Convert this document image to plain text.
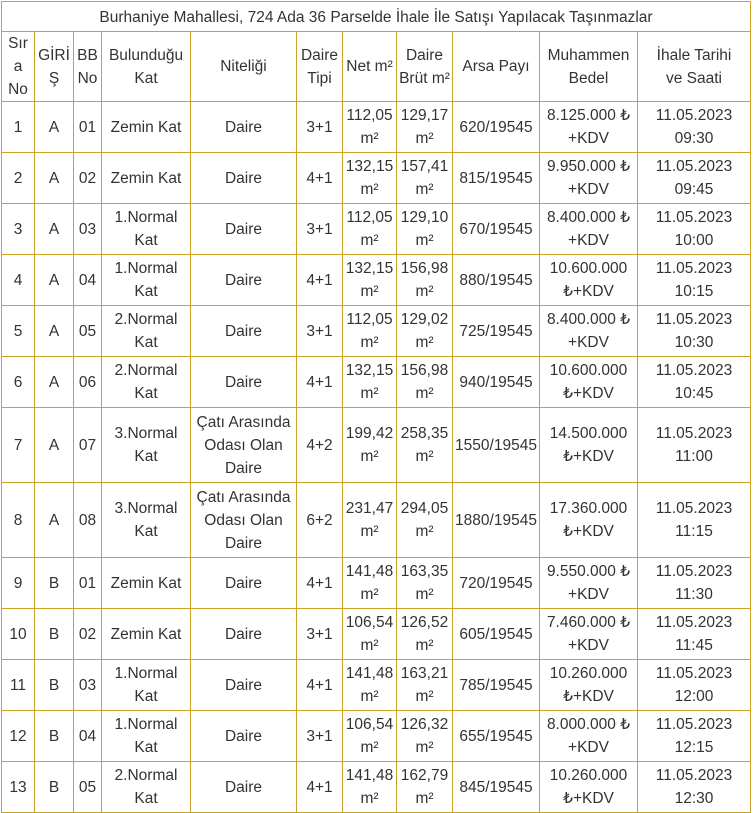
Burhaniye Mahallesi, 724 Ada 36 Parselde İhale İle Satışı Yapılacak Taşınmazlar
Sıra
No	GİRİŞ	BB
No	Bulunduğu
Kat	Niteliği	Daire
Tipi	Net m²	Daire
Brüt m²	Arsa Payı	Muhammen
Bedel	İhale Tarihi
ve Saati
1	A	01	Zemin Kat	Daire	3+1	112,05
m²	129,17
m²	620/19545	8.125.000 ₺
+KDV	11.05.2023
09:30
2	A	02	Zemin Kat	Daire	4+1	132,15
m²	157,41
m²	815/19545	9.950.000 ₺
+KDV	11.05.2023
09:45
3	A	03	1.Normal
Kat	Daire	3+1	112,05
m²	129,10
m²	670/19545	8.400.000 ₺
+KDV	11.05.2023
10:00
4	A	04	1.Normal
Kat	Daire	4+1	132,15
m²	156,98
m²	880/19545	10.600.000
₺+KDV	11.05.2023
10:15
5	A	05	2.Normal
Kat	Daire	3+1	112,05
m²	129,02
m²	725/19545	8.400.000 ₺
+KDV	11.05.2023
10:30
6	A	06	2.Normal
Kat	Daire	4+1	132,15
m²	156,98
m²	940/19545	10.600.000
₺+KDV	11.05.2023
10:45
7	A	07	3.Normal
Kat	Çatı Arasında
Odası Olan
Daire	4+2	199,42
m²	258,35
m²	1550/19545	14.500.000
₺+KDV	11.05.2023
11:00
8	A	08	3.Normal
Kat	Çatı Arasında
Odası Olan
Daire	6+2	231,47
m²	294,05
m²	1880/19545	17.360.000
₺+KDV	11.05.2023
11:15
9	B	01	Zemin Kat	Daire	4+1	141,48
m²	163,35
m²	720/19545	9.550.000 ₺
+KDV	11.05.2023
11:30
10	B	02	Zemin Kat	Daire	3+1	106,54
m²	126,52
m²	605/19545	7.460.000 ₺
+KDV	11.05.2023
11:45
11	B	03	1.Normal
Kat	Daire	4+1	141,48
m²	163,21
m²	785/19545	10.260.000
₺+KDV	11.05.2023
12:00
12	B	04	1.Normal
Kat	Daire	3+1	106,54
m²	126,32
m²	655/19545	8.000.000 ₺
+KDV	11.05.2023
12:15
13	B	05	2.Normal
Kat	Daire	4+1	141,48
m²	162,79
m²	845/19545	10.260.000
₺+KDV	11.05.2023
12:30
